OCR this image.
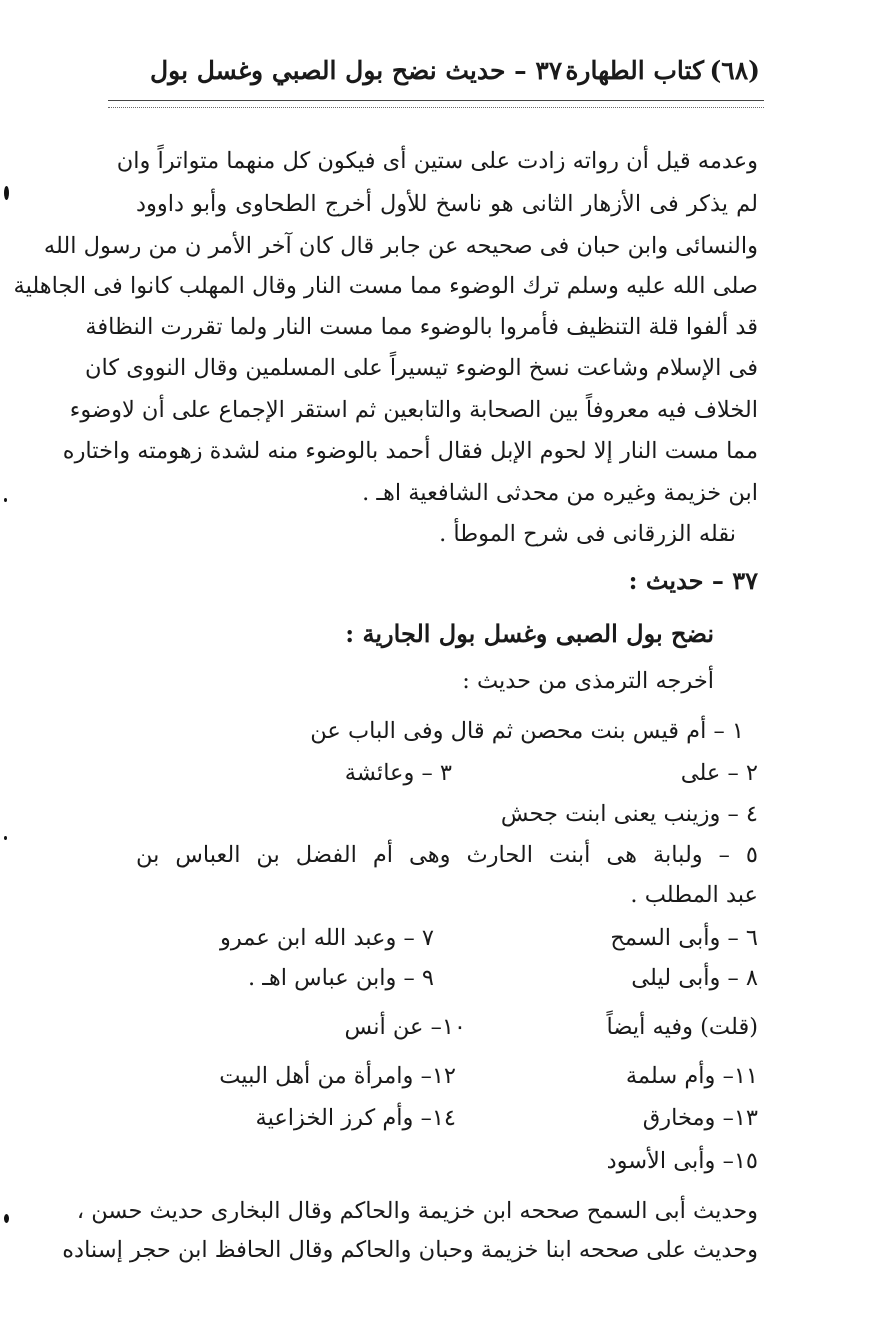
(٦٨)
كتاب الطهارة
٣٧ – حديث نضح بول الصبي وغسل بول
وعدمه قيل أن رواته زادت على ستين أى فيكون كل منهما متواتراً وان
لم يذكر فى الأزهار الثانى هو ناسخ للأول أخرج الطحاوى وأبو داوود
والنسائى وابن حبان فى صحيحه عن جابر قال كان آخر الأمر ن من رسول الله
صلى الله عليه وسلم ترك الوضوء مما مست النار وقال المهلب كانوا فى الجاهلية
قد ألفوا قلة التنظيف فأمروا بالوضوء مما مست النار ولما تقررت النظافة
فى الإسلام وشاعت نسخ الوضوء تيسيراً على المسلمين وقال النووى كان
الخلاف فيه معروفاً بين الصحابة والتابعين ثم استقر الإجماع على أن لاوضوء
مما مست النار إلا لحوم الإبل فقال أحمد بالوضوء منه لشدة زهومته واختاره
ابن خزيمة وغيره من محدثى الشافعية اهـ .
نقله الزرقانى فى شرح الموطأ .
٣٧ – حديث :
نضح بول الصبى وغسل بول الجارية :
أخرجه الترمذى من حديث :
١ – أم قيس بنت محصن ثم قال وفى الباب عن
٢ – على
٣ – وعائشة
٤ – وزينب يعنى ابنت جحش
٥ – ولبابة هى أبنت الحارث وهى أم الفضل بن العباس بن
عبد المطلب .
٦ – وأبى السمح
٧ – وعبد الله ابن عمرو
٨ – وأبى ليلى
٩ – وابن عباس اهـ .
(قلت) وفيه أيضاً
١٠– عن أنس
١١– وأم سلمة
١٢– وامرأة من أهل البيت
١٣– ومخارق
١٤– وأم كرز الخزاعية
١٥– وأبى الأسود
وحديث أبى السمح صححه ابن خزيمة والحاكم وقال البخارى حديث حسن ،
وحديث على صححه ابنا خزيمة وحبان والحاكم وقال الحافظ ابن حجر إسناده
